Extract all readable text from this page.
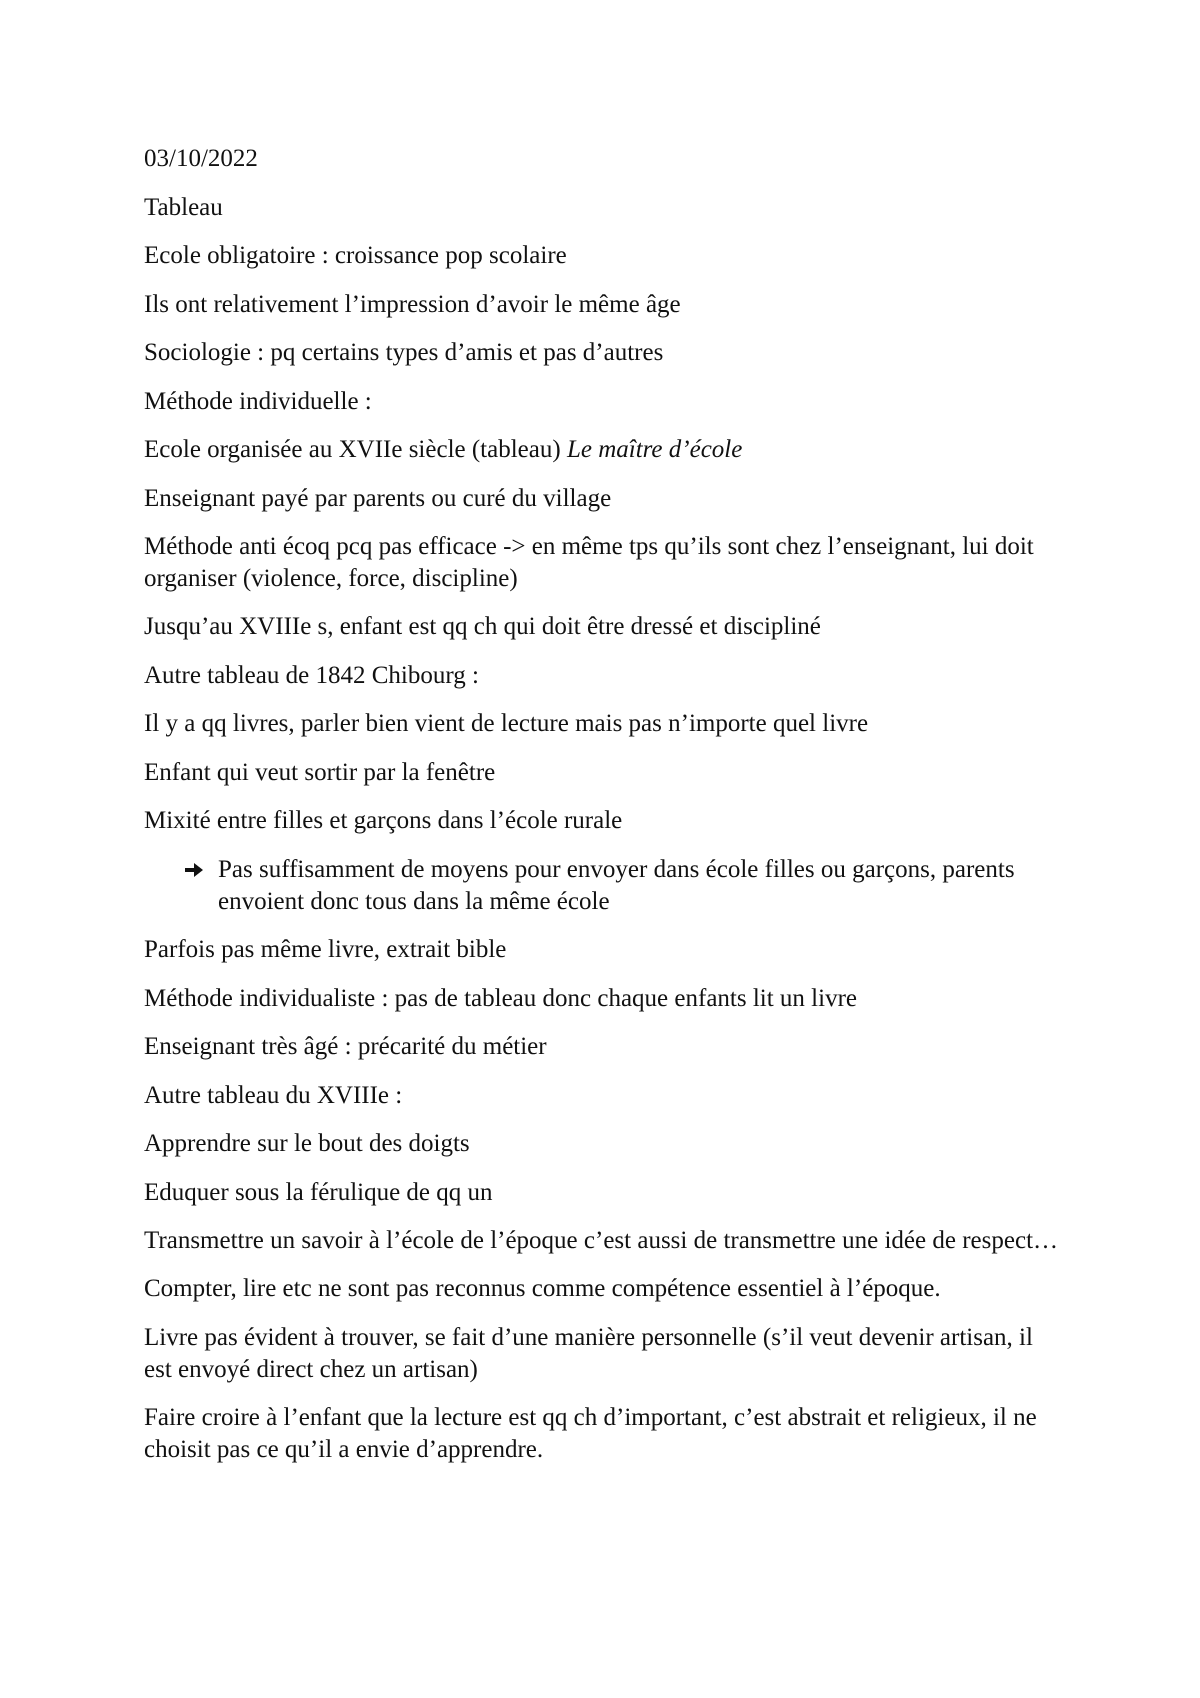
03/10/2022

Tableau

Ecole obligatoire : croissance pop scolaire

Ils ont relativement l’impression d’avoir le même âge

Sociologie : pq certains types d’amis et pas d’autres

Méthode individuelle :

Ecole organisée au XVIIe siècle (tableau) Le maître d’école

Enseignant payé par parents ou curé du village

Méthode anti écoq pcq pas efficace -> en même tps qu’ils sont chez l’enseignant, lui doit organiser (violence, force, discipline)

Jusqu’au XVIIIe s, enfant est qq ch qui doit être dressé et discipliné

Autre tableau de 1842 Chibourg :

Il y a qq livres, parler bien vient de lecture mais pas n’importe quel livre

Enfant qui veut sortir par la fenêtre

Mixité entre filles et garçons dans l’école rurale

Pas suffisamment de moyens pour envoyer dans école filles ou garçons, parents envoient donc tous dans la même école

Parfois pas même livre, extrait bible

Méthode individualiste : pas de tableau donc chaque enfants lit un livre

Enseignant très âgé : précarité du métier

Autre tableau du XVIIIe :

Apprendre sur le bout des doigts

Eduquer sous la férulique de qq un

Transmettre un savoir à l’école de l’époque c’est aussi de transmettre une idée de respect…

Compter, lire etc ne sont pas reconnus comme compétence essentiel à l’époque.

Livre pas évident à trouver, se fait d’une manière personnelle (s’il veut devenir artisan, il est envoyé direct chez un artisan)

Faire croire à l’enfant que la lecture est qq ch d’important, c’est abstrait et religieux, il ne choisit pas ce qu’il a envie d’apprendre.
